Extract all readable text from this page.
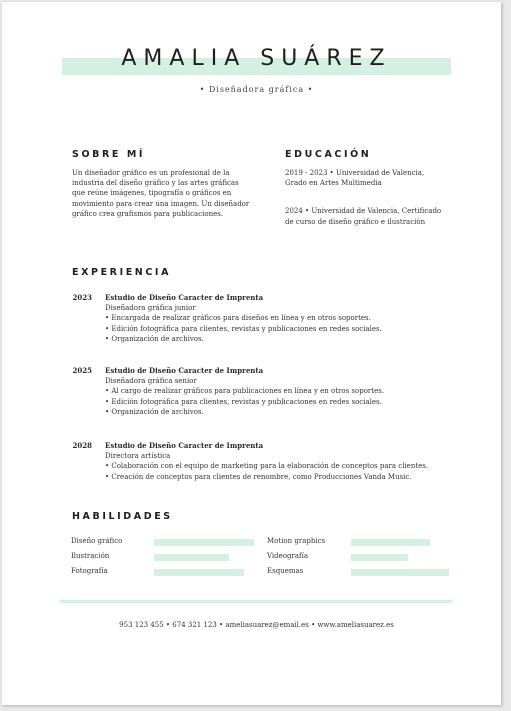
AMALIA SUÁREZ
• Diseñadora gráfica •
SOBRE MÍ
Un diseñador gráfico es un profesional de la
industria del diseño gráfico y las artes gráficas
que reúne imágenes, tipografía o gráficos en
movimiento para crear una imagen. Un diseñador
gráfico crea grafismos para publicaciones.
EDUCACIÓN
2019 - 2023 • Universidad de Valencia,
Grado en Artes Multimedia
2024 • Universidad de Valencia, Certificado
de curso de diseño gráfico e ilustración
EXPERIENCIA
2023 Estudio de Diseño Caracter de Imprenta
Diseñadora gráfica junior
• Encargada de realizar gráficos para diseños en línea y en otros soportes.
• Edición fotográfica para clientes, revistas y publicaciones en redes sociales.
• Organización de archivos.
2025 Estudio de Diseño Caracter de Imprenta
Diseñadora gráfica senior
• Al cargo de realizar gráficos para publicaciones en línea y en otros soportes.
• Edición fotográfica para clientes, revistas y publicaciones en redes sociales.
• Organización de archivos.
2028 Estudio de Diseño Caracter de Imprenta
Directora artística
• Colaboración con el equipo de marketing para la elaboración de conceptos para clientes.
• Creación de conceptos para clientes de renombre, como Producciones Vanda Music.
HABILIDADES
Diseño gráfico
Ilustración
Fotografía
Motion graphics
Videografía
Esquemas
953 123 455 • 674 321 123 • ameliasuarez@email.es • www.ameliasuarez.es
